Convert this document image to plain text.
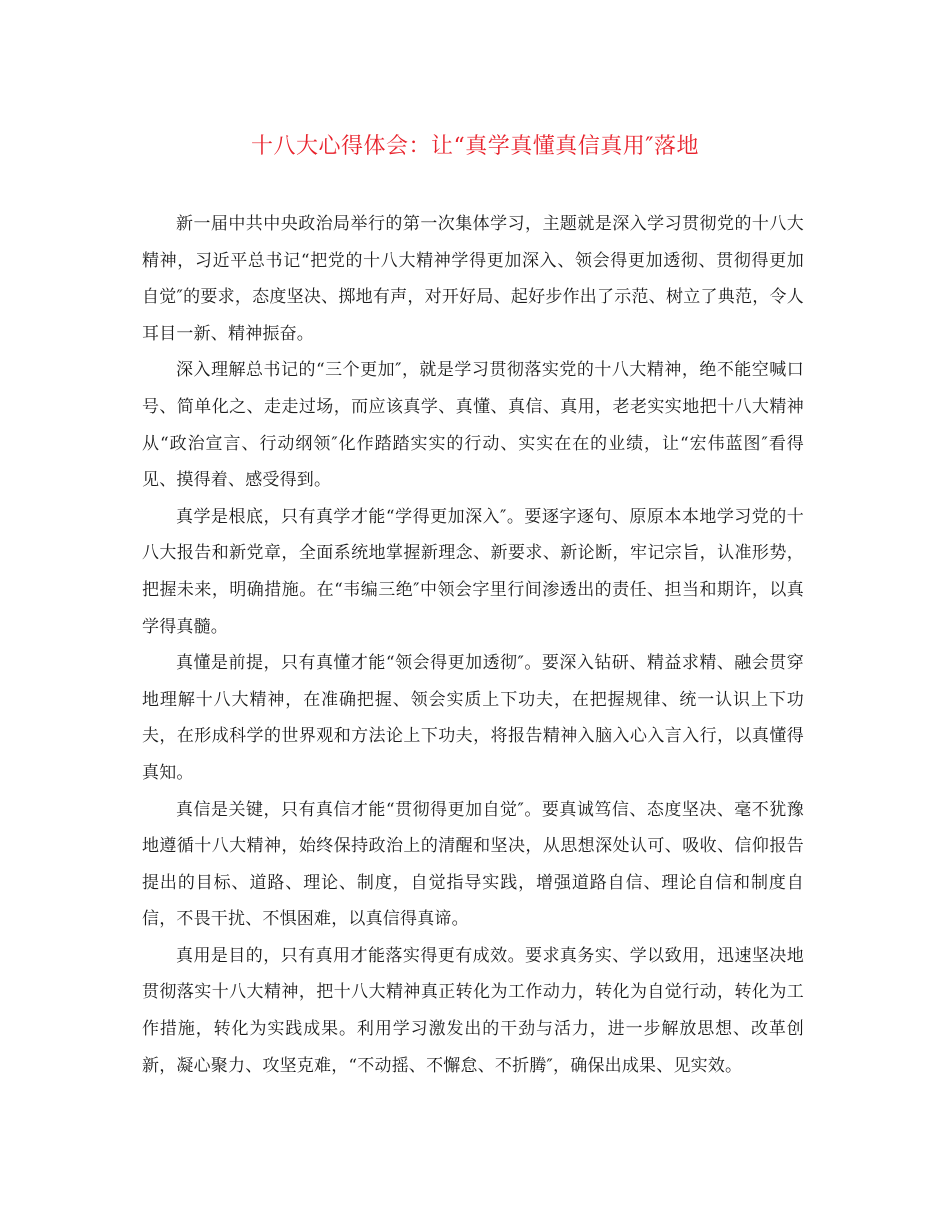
十八大心得体会：让“真学真懂真信真用″落地

新一届中共中央政治局举行的第一次集体学习，主题就是深入学习贯彻党的十八大精神，习近平总书记“把党的十八大精神学得更加深入、领会得更加透彻、贯彻得更加自觉″的要求，态度坚决、掷地有声，对开好局、起好步作出了示范、树立了典范，令人耳目一新、精神振奋。

深入理解总书记的“三个更加″，就是学习贯彻落实党的十八大精神，绝不能空喊口号、简单化之、走走过场，而应该真学、真懂、真信、真用，老老实实地把十八大精神从“政治宣言、行动纲领″化作踏踏实实的行动、实实在在的业绩，让“宏伟蓝图″看得见、摸得着、感受得到。

真学是根底，只有真学才能“学得更加深入″。要逐字逐句、原原本本地学习党的十八大报告和新党章，全面系统地掌握新理念、新要求、新论断，牢记宗旨，认准形势，把握未来，明确措施。在“韦编三绝″中领会字里行间渗透出的责任、担当和期许，以真学得真髓。

真懂是前提，只有真懂才能“领会得更加透彻″。要深入钻研、精益求精、融会贯穿地理解十八大精神，在准确把握、领会实质上下功夫，在把握规律、统一认识上下功夫，在形成科学的世界观和方法论上下功夫，将报告精神入脑入心入言入行，以真懂得真知。

真信是关键，只有真信才能“贯彻得更加自觉″。要真诚笃信、态度坚决、毫不犹豫地遵循十八大精神，始终保持政治上的清醒和坚决，从思想深处认可、吸收、信仰报告提出的目标、道路、理论、制度，自觉指导实践，增强道路自信、理论自信和制度自信，不畏干扰、不惧困难，以真信得真谛。

真用是目的，只有真用才能落实得更有成效。要求真务实、学以致用，迅速坚决地贯彻落实十八大精神，把十八大精神真正转化为工作动力，转化为自觉行动，转化为工作措施，转化为实践成果。利用学习激发出的干劲与活力，进一步解放思想、改革创新，凝心聚力、攻坚克难，“不动摇、不懈怠、不折腾″，确保出成果、见实效。
